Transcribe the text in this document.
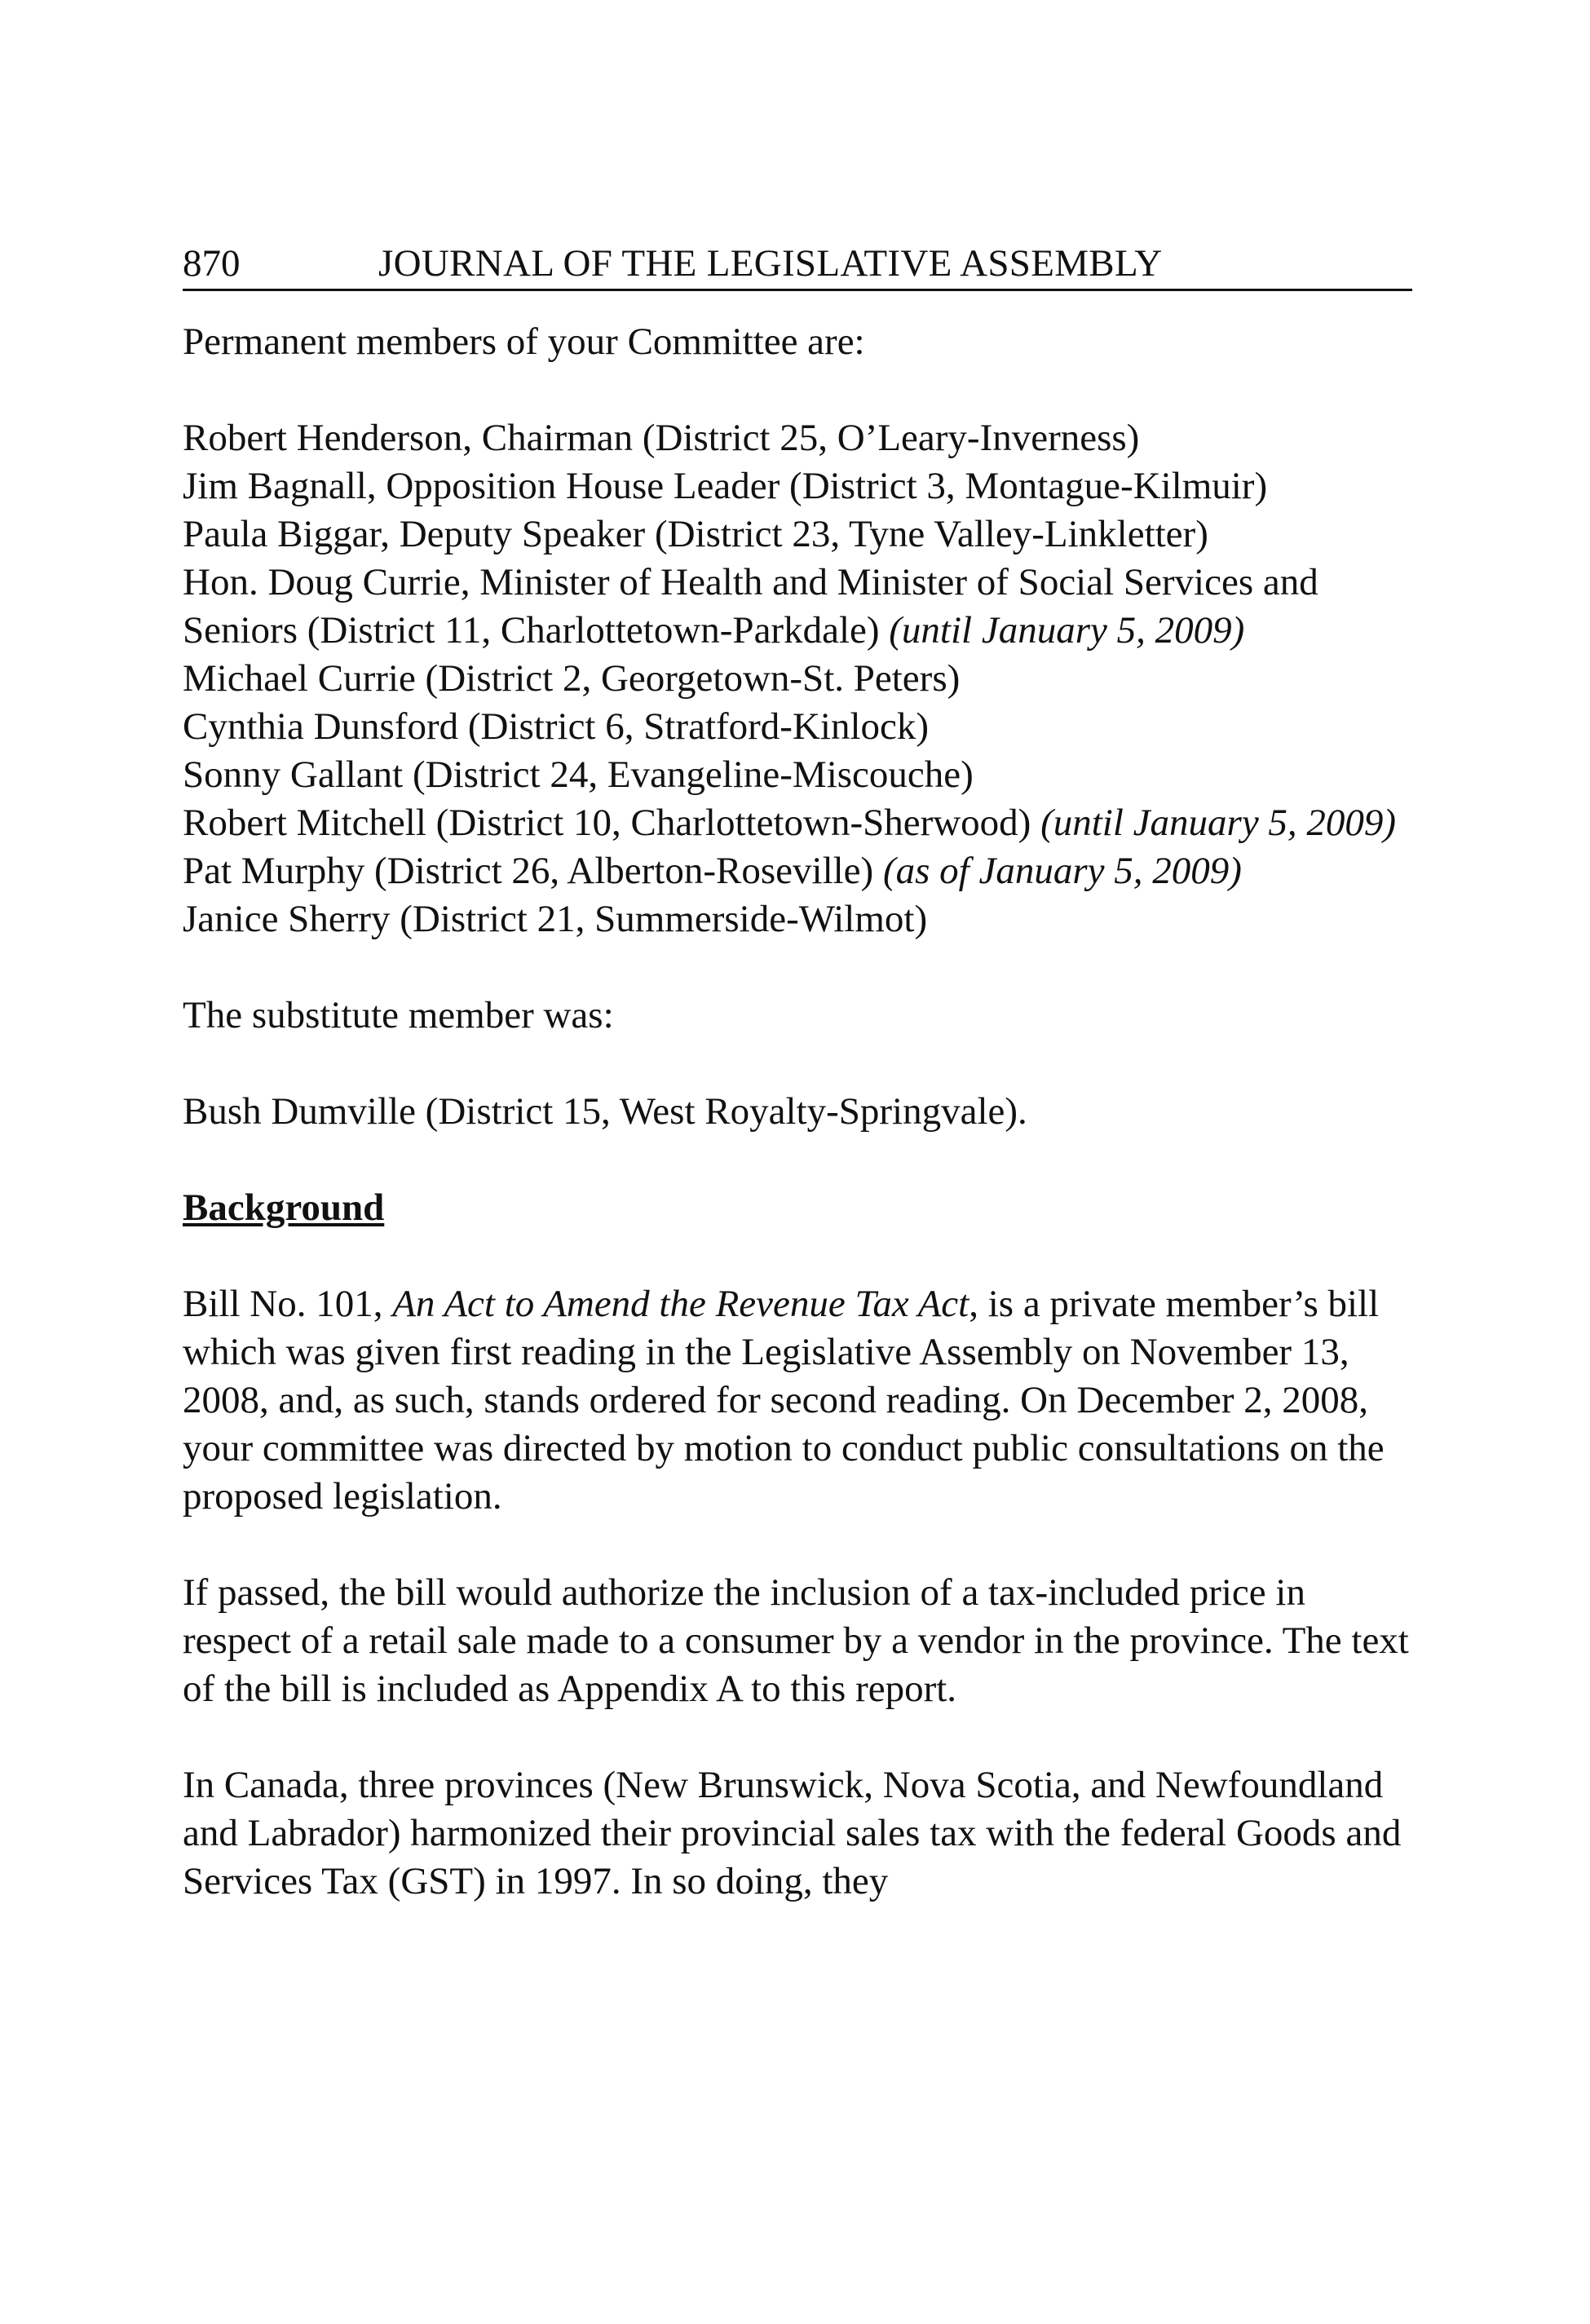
870	JOURNAL OF THE LEGISLATIVE ASSEMBLY

Permanent members of your Committee are:

Robert Henderson, Chairman (District 25, O’Leary-Inverness)

Jim Bagnall, Opposition House Leader (District 3, Montague-Kilmuir)

Paula Biggar, Deputy Speaker (District 23, Tyne Valley-Linkletter)

Hon. Doug Currie, Minister of Health and Minister of Social Services and Seniors (District 11, Charlottetown-Parkdale) (until January 5, 2009)

Michael Currie (District 2, Georgetown-St. Peters)

Cynthia Dunsford (District 6, Stratford-Kinlock)

Sonny Gallant (District 24, Evangeline-Miscouche)

Robert Mitchell (District 10, Charlottetown-Sherwood) (until January 5, 2009)

Pat Murphy (District 26, Alberton-Roseville) (as of January 5, 2009)

Janice Sherry (District 21, Summerside-Wilmot)

The substitute member was:

Bush Dumville (District 15, West Royalty-Springvale).

Background

Bill No. 101, An Act to Amend the Revenue Tax Act, is a private member’s bill which was given first reading in the Legislative Assembly on November 13, 2008, and, as such, stands ordered for second reading. On December 2, 2008, your committee was directed by motion to conduct public consultations on the proposed legislation.

If passed, the bill would authorize the inclusion of a tax-included price in respect of a retail sale made to a consumer by a vendor in the province. The text of the bill is included as Appendix A to this report.

In Canada, three provinces (New Brunswick, Nova Scotia, and Newfoundland and Labrador) harmonized their provincial sales tax with the federal Goods and Services Tax (GST) in 1997. In so doing, they
